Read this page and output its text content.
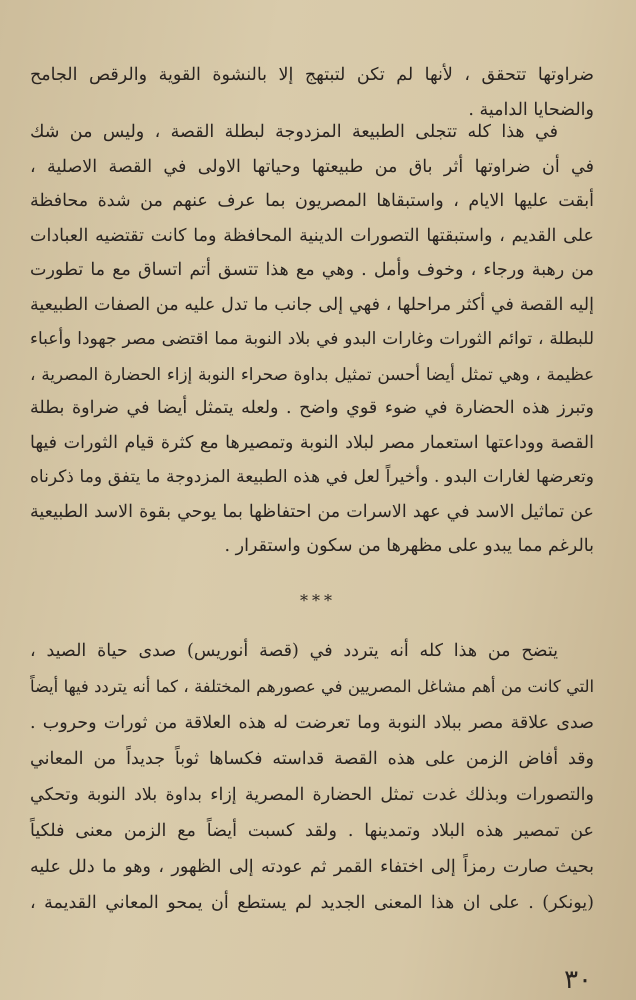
ضراوتها تتحقق ، لأنها لم تكن لتبتهج إلا بالنشوة القوية والرقص الجامح
والضحايا الدامية .
في هذا كله تتجلى الطبيعة المزدوجة لبطلة القصة ، وليس من شك
في أن ضراوتها أثر باق من طبيعتها وحياتها الاولى في القصة الاصلية ،
أبقت عليها الايام ، واستبقاها المصريون بما عرف عنهم من شدة محافظة
على القديم ، واستبقتها التصورات الدينية المحافظة وما كانت تقتضيه العبادات
من رهبة ورجاء ، وخوف وأمل . وهي مع هذا تتسق أتم اتساق مع ما تطورت
إليه القصة في أكثر مراحلها ، فهي إلى جانب ما تدل عليه من الصفات الطبيعية
للبطلة ، توائم الثورات وغارات البدو في بلاد النوبة مما اقتضى مصر جهودا وأعباء
عظيمة ، وهي تمثل أيضا أحسن تمثيل بداوة صحراء النوبة إزاء الحضارة المصرية ،
وتبرز هذه الحضارة في ضوء قوي واضح . ولعله يتمثل أيضا في ضراوة بطلة
القصة ووداعتها استعمار مصر لبلاد النوبة وتمصيرها مع كثرة قيام الثورات فيها
وتعرضها لغارات البدو . وأخيراً لعل في هذه الطبيعة المزدوجة ما يتفق وما ذكرناه
عن تماثيل الاسد في عهد الاسرات من احتفاظها بما يوحي بقوة الاسد الطبيعية
بالرغم مما يبدو على مظهرها من سكون واستقرار .
***
يتضح من هذا كله أنه يتردد في (قصة أنوريس) صدى حياة الصيد ،
التي كانت من أهم مشاغل المصريين في عصورهم المختلفة ، كما أنه يتردد فيها أيضاً
صدى علاقة مصر ببلاد النوبة وما تعرضت له هذه العلاقة من ثورات وحروب .
وقد أفاض الزمن على هذه القصة قداسته فكساها ثوباً جديداً من المعاني
والتصورات وبذلك غدت تمثل الحضارة المصرية إزاء بداوة بلاد النوبة وتحكي
عن تمصير هذه البلاد وتمدينها . ولقد كسبت أيضاً مع الزمن معنى فلكياً
بحيث صارت رمزاً إلى اختفاء القمر ثم عودته إلى الظهور ، وهو ما دلل عليه
(يونكر) . على ان هذا المعنى الجديد لم يستطع أن يمحو المعاني القديمة ،
٣٠
